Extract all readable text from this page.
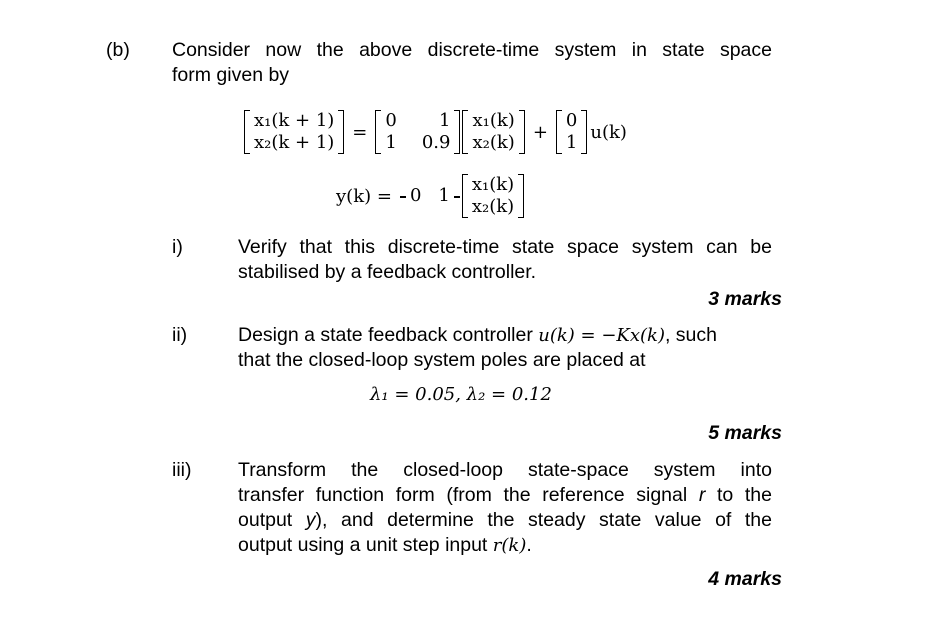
(b) Consider now the above discrete-time system in state space
form given by
x₁(k + 1)
x₂(k + 1)	=
0	1
1	0.9
x₁(k)
x₂(k)	+
0
1 u(k)
y(k) =	0	1
x₁(k)
x₂(k)
i)	Verify that this discrete-time state space system can be
stabilised by a feedback controller.
3 marks
ii)	Design a state feedback controller u(k) = −Kx(k), such
that the closed-loop system poles are placed at
λ₁ = 0.05, λ₂ = 0.12
5 marks
iii) Transform the closed-loop state-space system into
transfer function form (from the reference signal r to the
output y), and determine the steady state value of the
output using a unit step input r(k).
4 marks
